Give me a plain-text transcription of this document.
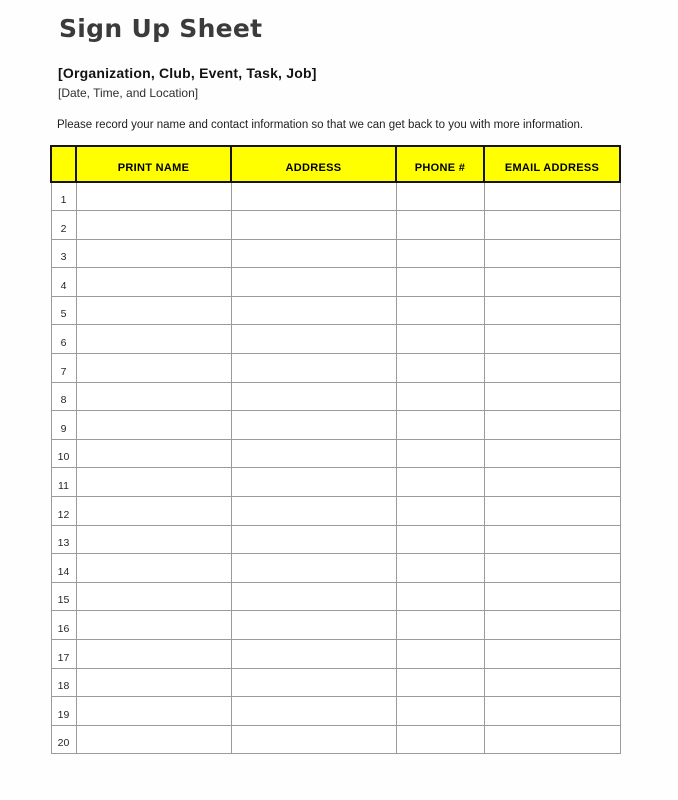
Sign Up Sheet
[Organization, Club, Event, Task, Job]
[Date, Time, and Location]
Please record your name and contact information so that we can get back to you with more information.
	PRINT NAME	ADDRESS	PHONE #	EMAIL ADDRESS
1				
2				
3				
4				
5				
6				
7				
8				
9				
10				
11				
12				
13				
14				
15				
16				
17				
18				
19				
20				
